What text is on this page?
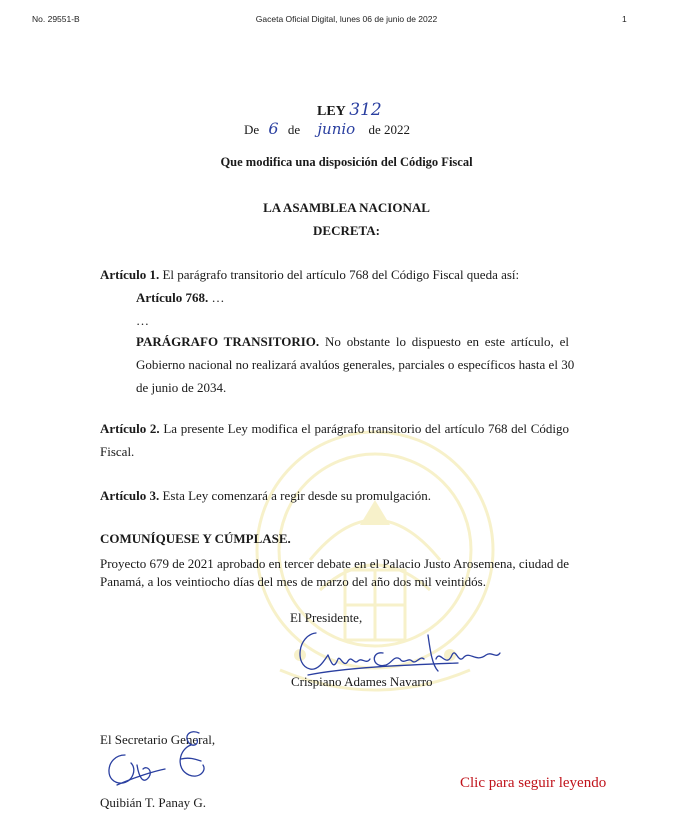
No. 29551-B	Gaceta Oficial Digital, lunes 06 de junio de 2022	1
LEY 312
De 6 de junio de 2022
Que modifica una disposición del Código Fiscal
LA ASAMBLEA NACIONAL
DECRETA:
Artículo 1. El parágrafo transitorio del artículo 768 del Código Fiscal queda así:
Artículo 768. …
…
PARÁGRAFO TRANSITORIO. No obstante lo dispuesto en este artículo, el
Gobierno nacional no realizará avalúos generales, parciales o específicos hasta el 30
de junio de 2034.
Artículo 2. La presente Ley modifica el parágrafo transitorio del artículo 768 del Código
Fiscal.
Artículo 3. Esta Ley comenzará a regir desde su promulgación.
COMUNÍQUESE Y CÚMPLASE.
Proyecto 679 de 2021 aprobado en tercer debate en el Palacio Justo Arosemena, ciudad de
Panamá, a los veintiocho días del mes de marzo del año dos mil veintidós.
El Presidente,
Crispiano Adames Navarro
El Secretario General,
Quibián T. Panay G.
Clic para seguir leyendo
